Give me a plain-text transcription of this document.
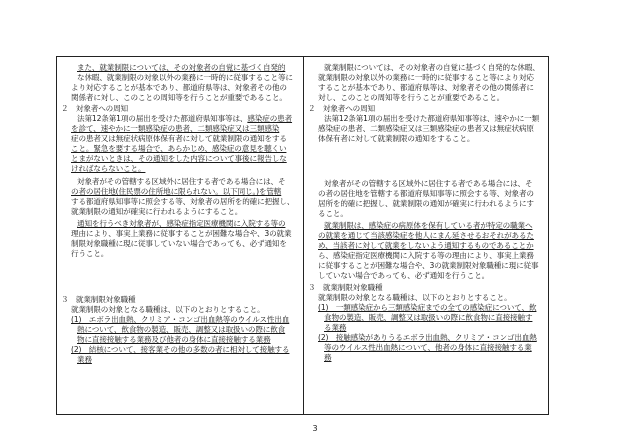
また、就業制限については、その対象者の自覚に基づく自発的
な休暇、就業制限の対象以外の業務に一時的に従事すること等に
より対応することが基本であり、都道府県等は、対象者その他の
関係者に対し、このことの周知等を行うことが重要であること。
２　対象者への周知
法第12条第1項の届出を受けた都道府県知事等は、感染症の患者
を診て、速やかに一類感染症の患者、二類感染症又は三類感染
症の患者又は無症状病原体保有者に対して就業制限の通知をする
こと。緊急を要する場合で、あらかじめ、感染症の意見を聴くい
とまがないときは、その通知をした内容について事後に報告しな
ければならないこと。
対象者がその管轄する区域外に居住する者である場合には、そ
の者の居住地(住民票の住所地に限られない。以下同じ。)を管轄
する都道府県知事等に照会する等、対象者の居所を的確に把握し、
就業制限の通知が確実に行われるようにすること。
通知を行うべき対象者が、感染症指定医療機関に入院する等の
理由により、事実上業務に従事することが困難な場合や、3の就業
制限対象職種に現に従事していない場合であっても、必ず通知を
行うこと。
３　就業制限対象職種
就業制限の対象となる職種は、以下のとおりとすること。
(1)　エボラ出血熱、クリミア・コンゴ出血熱等のウイルス性出血
熱について、飲食物の製造、販売、調整又は取扱いの際に飲食
物に直接接触する業務及び他者の身体に直接接触する業務
(2)　結核について、接客業その他の多数の者に相対して接触する
業務
就業制限については、その対象者の自覚に基づく自発的な休暇、
就業制限の対象以外の業務に一時的に従事すること等により対応
することが基本であり、都道府県等は、対象者その他の関係者に
対し、このことの周知等を行うことが重要であること。
２　対象者への周知
法第12条第1項の届出を受けた都道府県知事等は、速やかに一類
感染症の患者、二類感染症又は三類感染症の患者又は無症状病原
体保有者に対して就業制限の通知をすること。
対象者がその管轄する区域外に居住する者である場合には、そ
の者の居住地を管轄する都道府県知事等に照会する等、対象者の
居所を的確に把握し、就業制限の通知が確実に行われるようにす
ること。
就業制限は、感染症の病原体を保有している者が特定の職業へ
の就業を通じて当該感染症を他人にまん延させるおそれがあるた
め、当該者に対して就業をしないよう通知するものであることか
ら、感染症指定医療機関に入院する等の理由により、事実上業務
に従事することが困難な場合や、3の就業制限対象職種に現に従事
していない場合であっても、必ず通知を行うこと。
３　就業制限対象職種
就業制限の対象となる職種は、以下のとおりとすること。
(1)　一類感染症から三類感染症までの全ての感染症について、飲
食物の製造、販売、調整又は取扱いの際に飲食物に直接接触す
る業務
(2)　接触感染がありうるエボラ出血熱、クリミア・コンゴ出血熱
等のウイルス性出血熱について、他者の身体に直接接触する業
務
3
